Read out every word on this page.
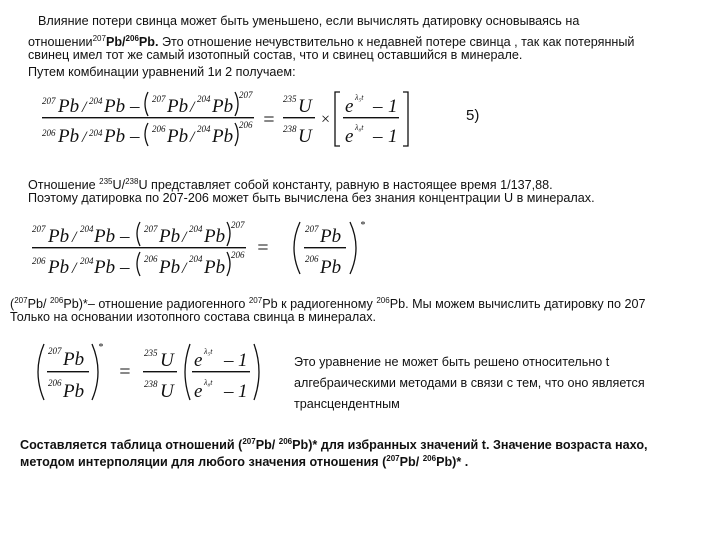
Влияние потери свинца может быть уменьшено, если вычислять датировку основываясь на
отношении$^{207}$Pb/$^{206}$Pb. Это отношение нечувствительно к недавней потере свинца , так как потерянный
свинец имел тот же самый изотопный состав, что и свинец оставшийся в минерале.
Путем комбинации уравнений 1и 2 получаем:
207 Pb / 204 Pb – 207 Pb / 204 Pb
207
206 Pb / 204 Pb – 206 Pb / 204 Pb
206 =
235 U
238 U
×
e λ₅t – 1
e λ₈t – 1
5)
Отношение $^{235}$U/$^{238}$U представляет собой константу, равную в настоящее время 1/137,88.
Поэтому датировка по 207-206 может быть вычислена без знания концентрации U в минералах.
207 Pb / 204 Pb – 207 Pb / 204 Pb
207
206 Pb / 204 Pb – 206 Pb /
204 Pb
206 =
207 Pb
206 Pb
*
($^{207}$Pb/ $^{206}$Pb)*– отношение радиогенного $^{207}$Pb к радиогенному $^{206}$Pb. Мы можем вычислить датировку по 207
Только на основании изотопного состава свинца в минералах.
207 Pb
206 Pb
*
=
235 U
238 U
e λ₅t – 1
e λ₈t – 1
Это уравнение не может быть решено относительно t
алгебраическими методами в связи с тем, что оно является
трансцендентным
Составляется таблица отношений ($^{207}$Pb/ $^{206}$Pb)* для избранных значений t. Значение возраста нахо,
методом интерполяции для любого значения отношения ($^{207}$Pb/ $^{206}$Pb)* .
